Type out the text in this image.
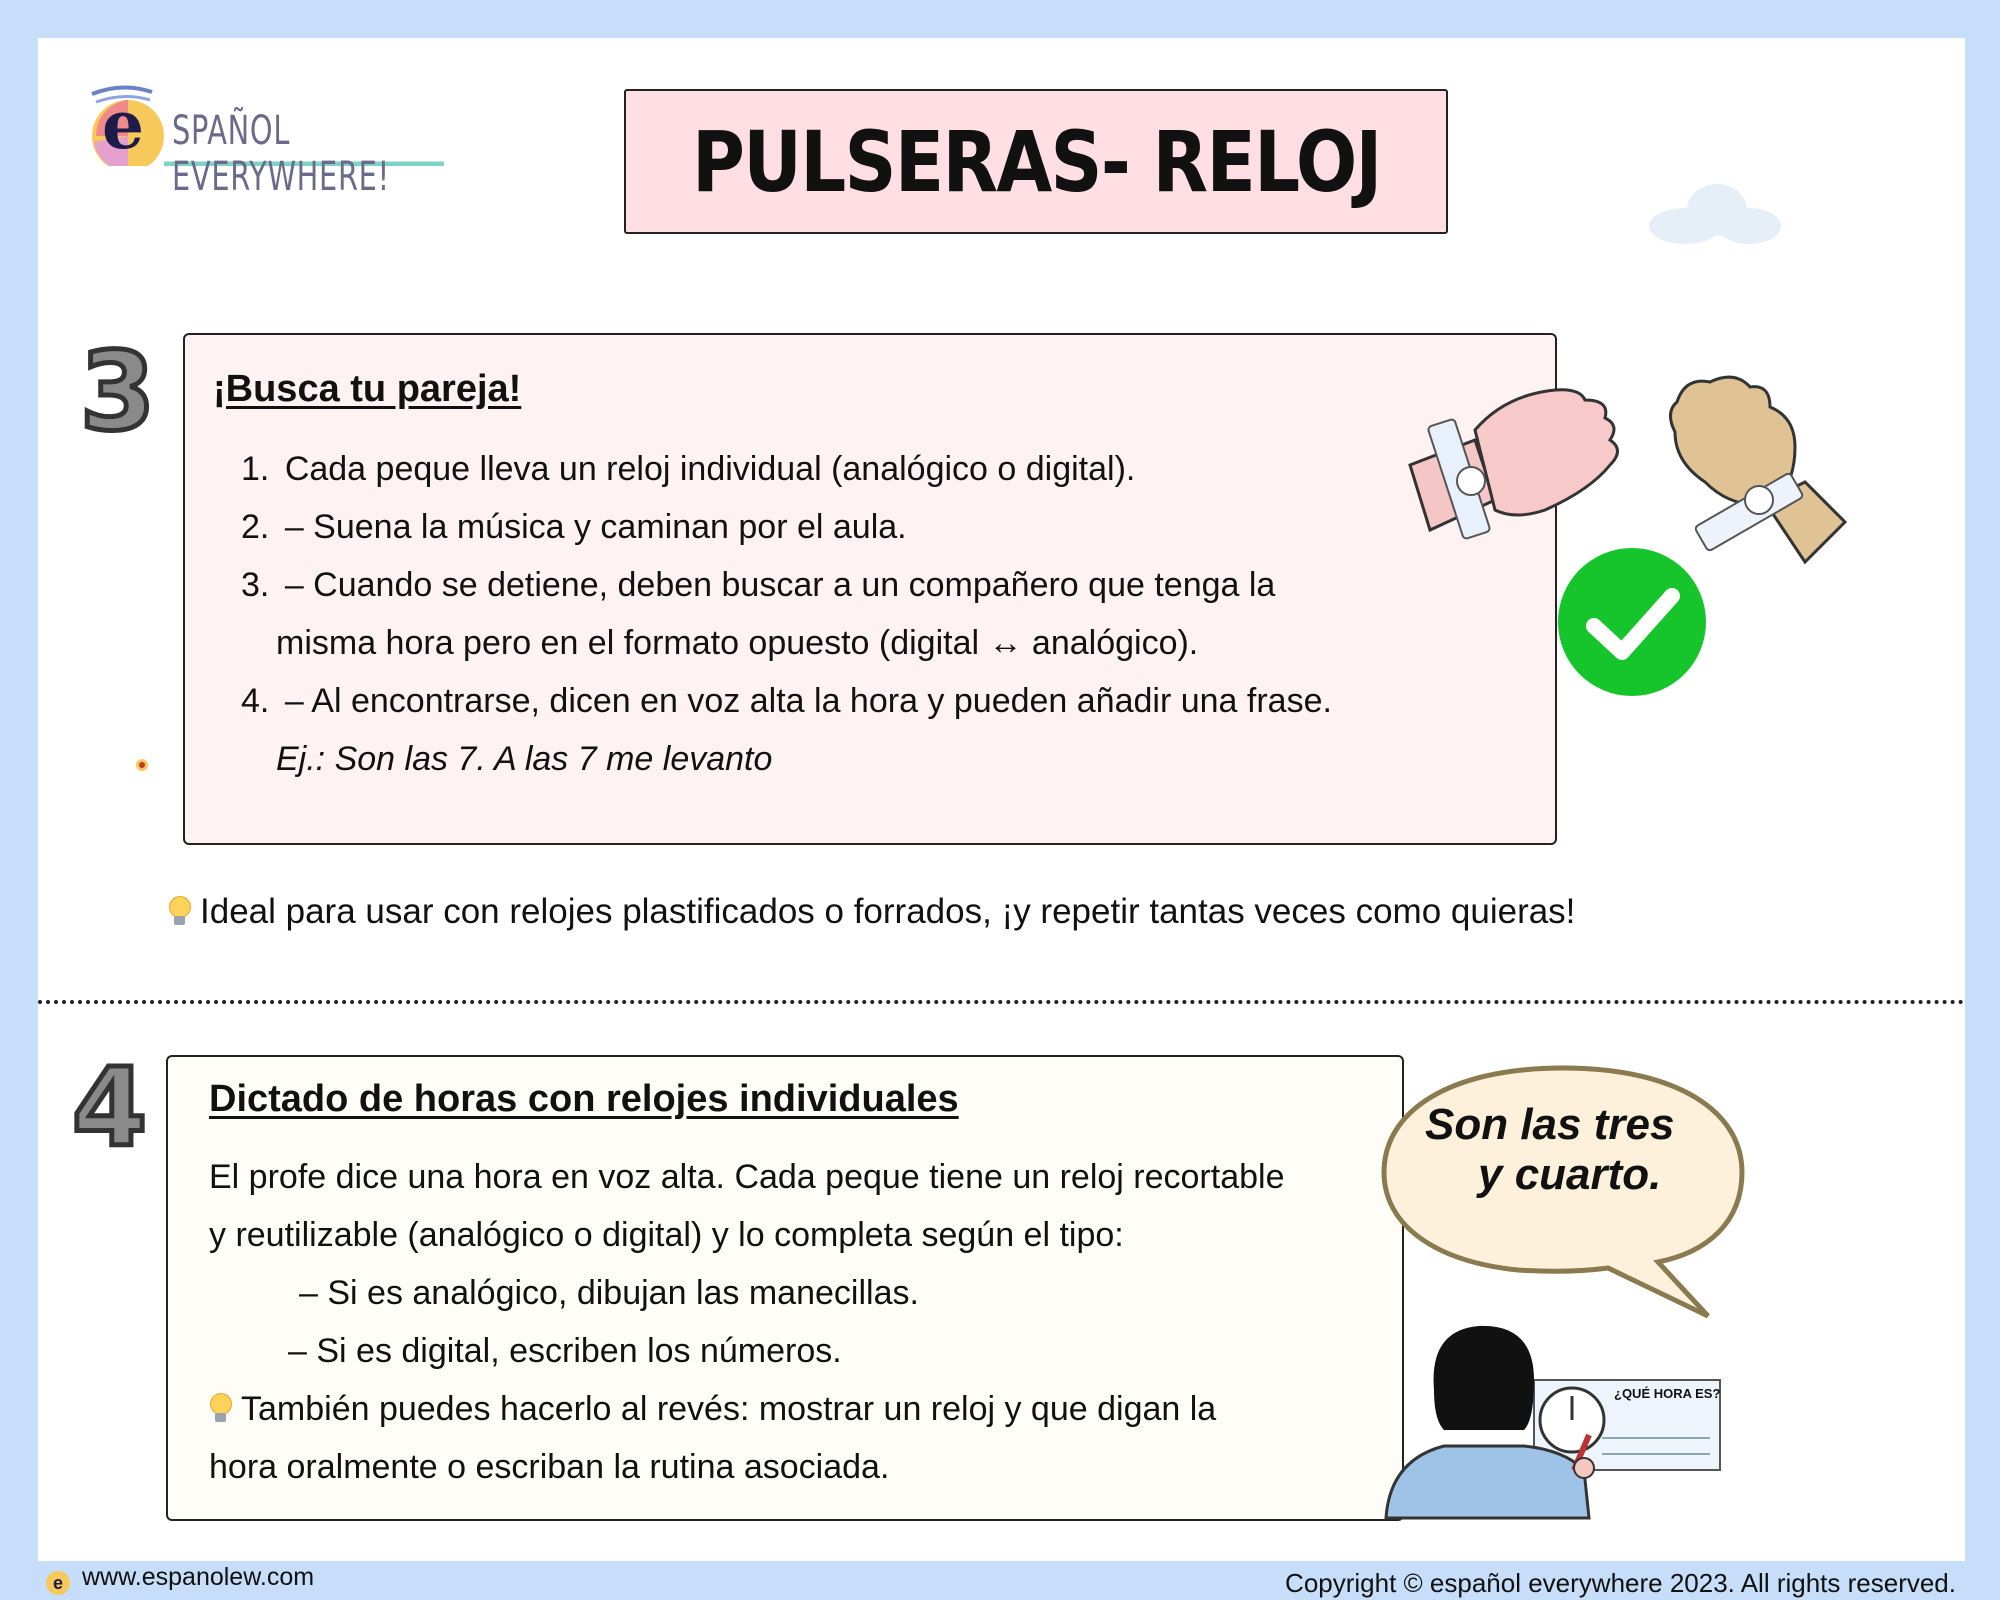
e SPAÑOL EVERYWHERE!	PULSERAS- RELOJ
3 ¡Busca tu pareja!
1. Cada peque lleva un reloj individual (analógico o digital).
2. – Suena la música y caminan por el aula.
3. – Cuando se detiene, deben buscar a un compañero que tenga la
misma hora pero en el formato opuesto (digital ↔ analógico).
4. – Al encontrarse, dicen en voz alta la hora y pueden añadir una frase.
Ej.: Son las 7. A las 7 me levanto
Ideal para usar con relojes plastificados o forrados, ¡y repetir tantas veces como quieras!
4 Dictado de horas con relojes individuales
El profe dice una hora en voz alta. Cada peque tiene un reloj recortable
y reutilizable (analógico o digital) y lo completa según el tipo:
– Si es analógico, dibujan las manecillas.
– Si es digital, escriben los números.
También puedes hacerlo al revés: mostrar un reloj y que digan la
hora oralmente o escriban la rutina asociada.
Son las tres
y cuarto.
¿QUÉ HORA ES?
e www.espanolew.com	Copyright © español everywhere 2023. All rights reserved.
